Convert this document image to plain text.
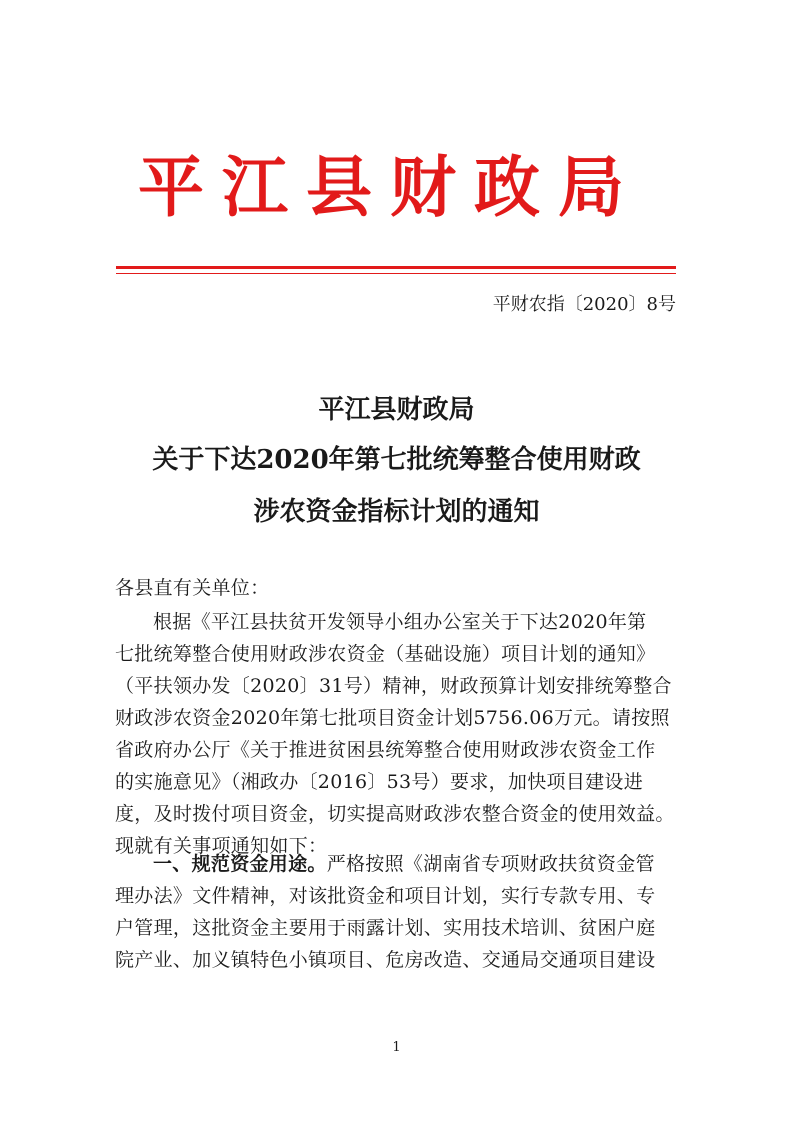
平江县财政局
平财农指〔2020〕8号
平江县财政局
关于下达2020年第七批统筹整合使用财政
涉农资金指标计划的通知
各县直有关单位：
根据《平江县扶贫开发领导小组办公室关于下达2020年第
七批统筹整合使用财政涉农资金（基础设施）项目计划的通知》
（平扶领办发〔2020〕31号）精神，财政预算计划安排统筹整合
财政涉农资金2020年第七批项目资金计划5756.06万元。请按照
省政府办公厅《关于推进贫困县统筹整合使用财政涉农资金工作
的实施意见》（湘政办〔2016〕53号）要求，加快项目建设进
度，及时拨付项目资金，切实提高财政涉农整合资金的使用效益。
现就有关事项通知如下：
一、规范资金用途。严格按照《湖南省专项财政扶贫资金管
理办法》文件精神，对该批资金和项目计划，实行专款专用、专
户管理，这批资金主要用于雨露计划、实用技术培训、贫困户庭
院产业、加义镇特色小镇项目、危房改造、交通局交通项目建设
1
